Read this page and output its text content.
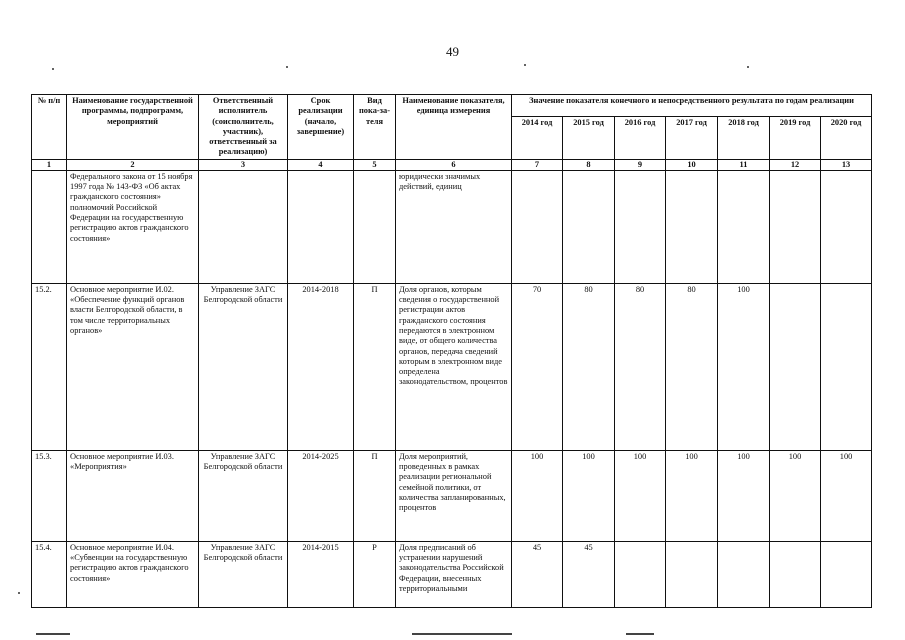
49
№ п/п	Наименование государственной программы, подпрограмм, мероприятий	Ответственный исполнитель (соисполнитель, участник), ответственный за реализацию)	Срок реализации (начало, завершение)	Вид пока-за-теля	Наименование показателя, единица измерения	Значение показателя конечного и непосредственного результата по годам реализации						
						2014 год	2015 год	2016 год	2017 год	2018 год	2019 год	2020 год
1	2	3	4	5	6	7	8	9	10	11	12	13
	Федерального закона от 15 ноября 1997 года № 143-ФЗ «Об актах гражданского состояния» полномочий Российской Федерации на государственную регистрацию актов гражданского состояния»				юридически значимых действий, единиц							
15.2.	Основное мероприятие И.02. «Обеспечение функций органов власти Белгородской области, в том числе территориальных органов»	Управление ЗАГС Белгородской области	2014-2018	П	Доля органов, которым сведения о государственной регистрации актов гражданского состояния передаются в электронном виде, от общего количества органов, передача сведений которым в электронном виде определена законодательством, процентов	70	80	80	80	100		
15.3.	Основное мероприятие И.03. «Мероприятия»	Управление ЗАГС Белгородской области	2014-2025	П	Доля мероприятий, проведенных в рамках реализации региональной семейной политики, от количества запланированных, процентов	100	100	100	100	100	100	100
15.4.	Основное мероприятие И.04. «Субвенции на государственную регистрацию актов гражданского состояния»	Управление ЗАГС Белгородской области	2014-2015	Р	Доля предписаний об устранении нарушений законодательства Российской Федерации, внесенных территориальными	45	45					
